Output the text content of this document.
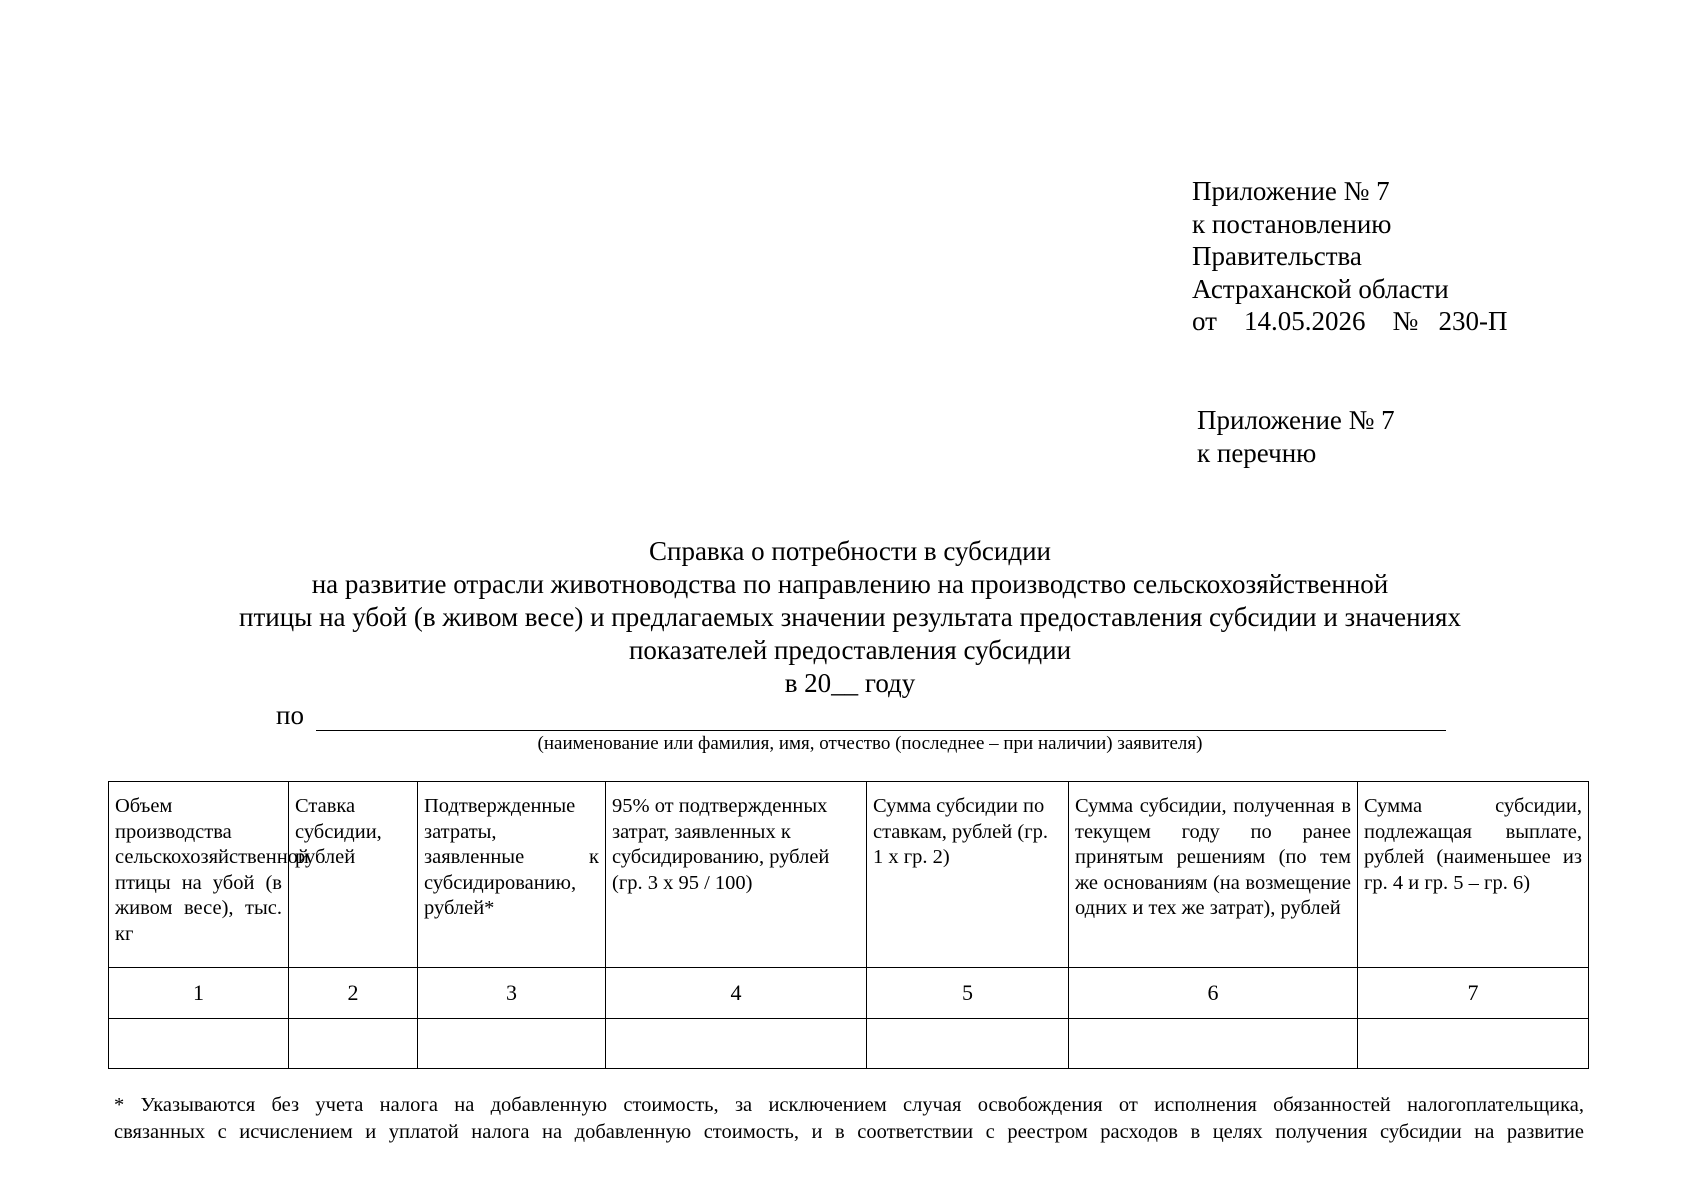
Приложение № 7
к постановлению
Правительства
Астраханской области
от    14.05.2026    №   230-П
Приложение № 7
к перечню
Справка о потребности в субсидии
на развитие отрасли животноводства по направлению на производство сельскохозяйственной
птицы на убой (в живом весе) и предлагаемых значении результата предоставления субсидии и значениях
показателей предоставления субсидии
в 20__ году
по
(наименование или фамилия, имя, отчество (последнее – при наличии) заявителя)
Объем производства сельскохозяйственной птицы на убой (в живом весе), тыс. кг	Ставка субсидии, рублей	Подтвержденные затраты, заявленные к субсидированию, рублей*	95% от подтвержденных затрат, заявленных к субсидированию, рублей (гр. 3 х 95 / 100)	Сумма субсидии по ставкам, рублей (гр. 1 х гр. 2)	Сумма субсидии, полученная в текущем году по ранее принятым решениям (по тем же основаниям (на возмещение одних и тех же затрат), рублей	Сумма субсидии, подлежащая выплате, рублей (наименьшее из гр. 4 и гр. 5 – гр. 6)
1	2	3	4	5	6	7

* Указываются без учета налога на добавленную стоимость, за исключением случая освобождения от исполнения обязанностей налогоплательщика,
связанных с исчислением и уплатой налога на добавленную стоимость, и в соответствии с реестром расходов в целях получения субсидии на развитие
